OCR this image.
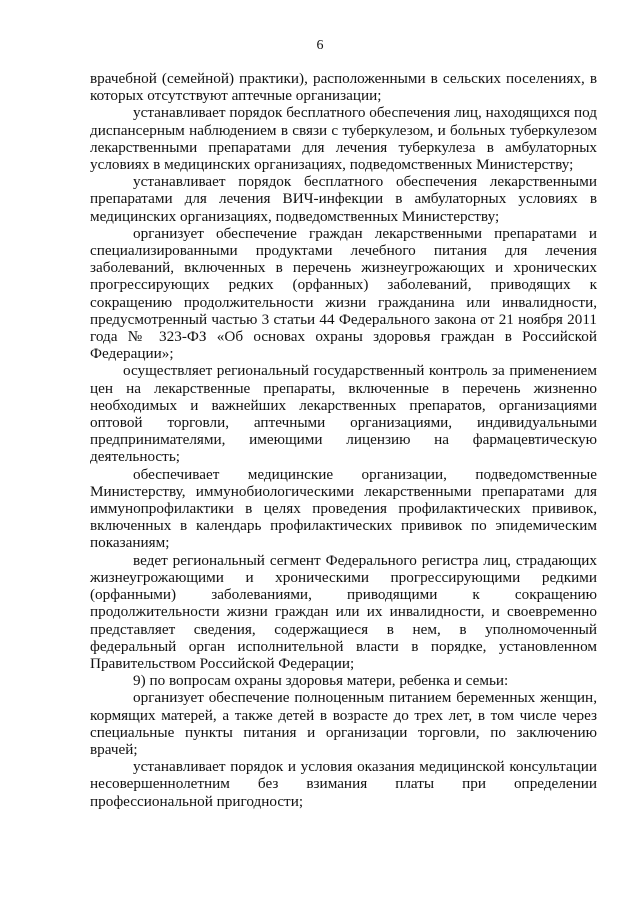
6

врачебной (семейной) практики), расположенными в сельских поселениях, в которых отсутствуют аптечные организации;

устанавливает порядок бесплатного обеспечения лиц, находящихся под диспансерным наблюдением в связи с туберкулезом, и больных туберкулезом лекарственными препаратами для лечения туберкулеза в амбулаторных условиях в медицинских организациях, подведомственных Министерству;

устанавливает порядок бесплатного обеспечения лекарственными препаратами для лечения ВИЧ-инфекции в амбулаторных условиях в медицинских организациях, подведомственных Министерству;

организует обеспечение граждан лекарственными препаратами и специализированными продуктами лечебного питания для лечения заболеваний, включенных в перечень жизнеугрожающих и хронических прогрессирующих редких (орфанных) заболеваний, приводящих к сокращению продолжительности жизни гражданина или инвалидности, предусмотренный частью 3 статьи 44 Федерального закона от 21 ноября 2011 года № 323-ФЗ «Об основах охраны здоровья граждан в Российской Федерации»;

осуществляет региональный государственный контроль за применением цен на лекарственные препараты, включенные в перечень жизненно необходимых и важнейших лекарственных препаратов, организациями оптовой торговли, аптечными организациями, индивидуальными предпринимателями, имеющими лицензию на фармацевтическую деятельность;

обеспечивает медицинские организации, подведомственные Министерству, иммунобиологическими лекарственными препаратами для иммунопрофилактики в целях проведения профилактических прививок, включенных в календарь профилактических прививок по эпидемическим показаниям;

ведет региональный сегмент Федерального регистра лиц, страдающих жизнеугрожающими и хроническими прогрессирующими редкими (орфанными) заболеваниями, приводящими к сокращению продолжительности жизни граждан или их инвалидности, и своевременно представляет сведения, содержащиеся в нем, в уполномоченный федеральный орган исполнительной власти в порядке, установленном Правительством Российской Федерации;

9) по вопросам охраны здоровья матери, ребенка и семьи:

организует обеспечение полноценным питанием беременных женщин, кормящих матерей, а также детей в возрасте до трех лет, в том числе через специальные пункты питания и организации торговли, по заключению врачей;

устанавливает порядок и условия оказания медицинской консультации несовершеннолетним без взимания платы при определении профессиональной пригодности;
